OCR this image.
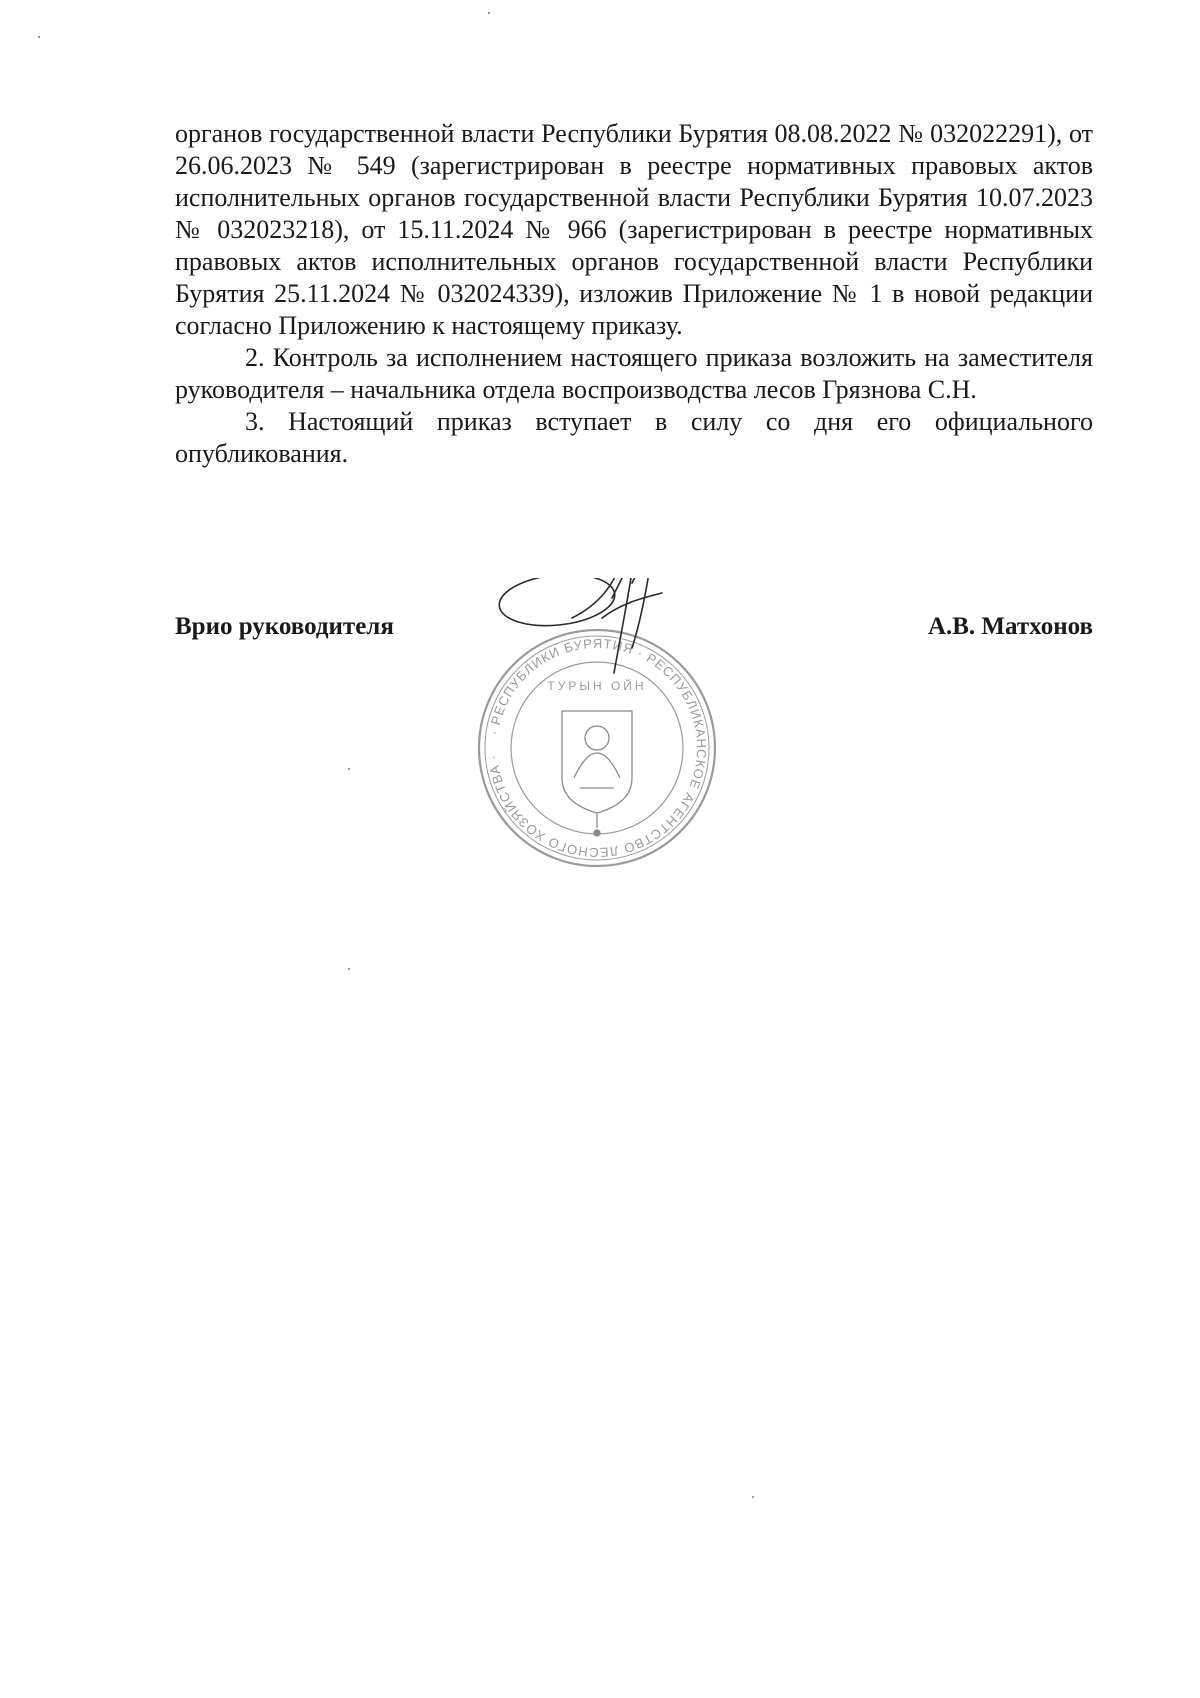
органов государственной власти Республики Бурятия 08.08.2022 № 032022291), от 26.06.2023 № 549 (зарегистрирован в реестре нормативных правовых актов исполнительных органов государственной власти Республики Бурятия 10.07.2023 № 032023218), от 15.11.2024 № 966 (зарегистрирован в реестре нормативных правовых актов исполнительных органов государственной власти Республики Бурятия 25.11.2024 № 032024339), изложив Приложение № 1 в новой редакции согласно Приложению к настоящему приказу.

2. Контроль за исполнением настоящего приказа возложить на заместителя руководителя – начальника отдела воспроизводства лесов Грязнова С.Н.

3. Настоящий приказ вступает в силу со дня его официального опубликования.

· РЕСПУБЛИКИ БУРЯТИЯ · РЕСПУБЛИКАНСКОЕ АГЕНТСТВО ЛЕСНОГО ХОЗЯЙСТВА ·
ТУРЫН ОЙН
Врио руководителя	А.В. Матхонов
